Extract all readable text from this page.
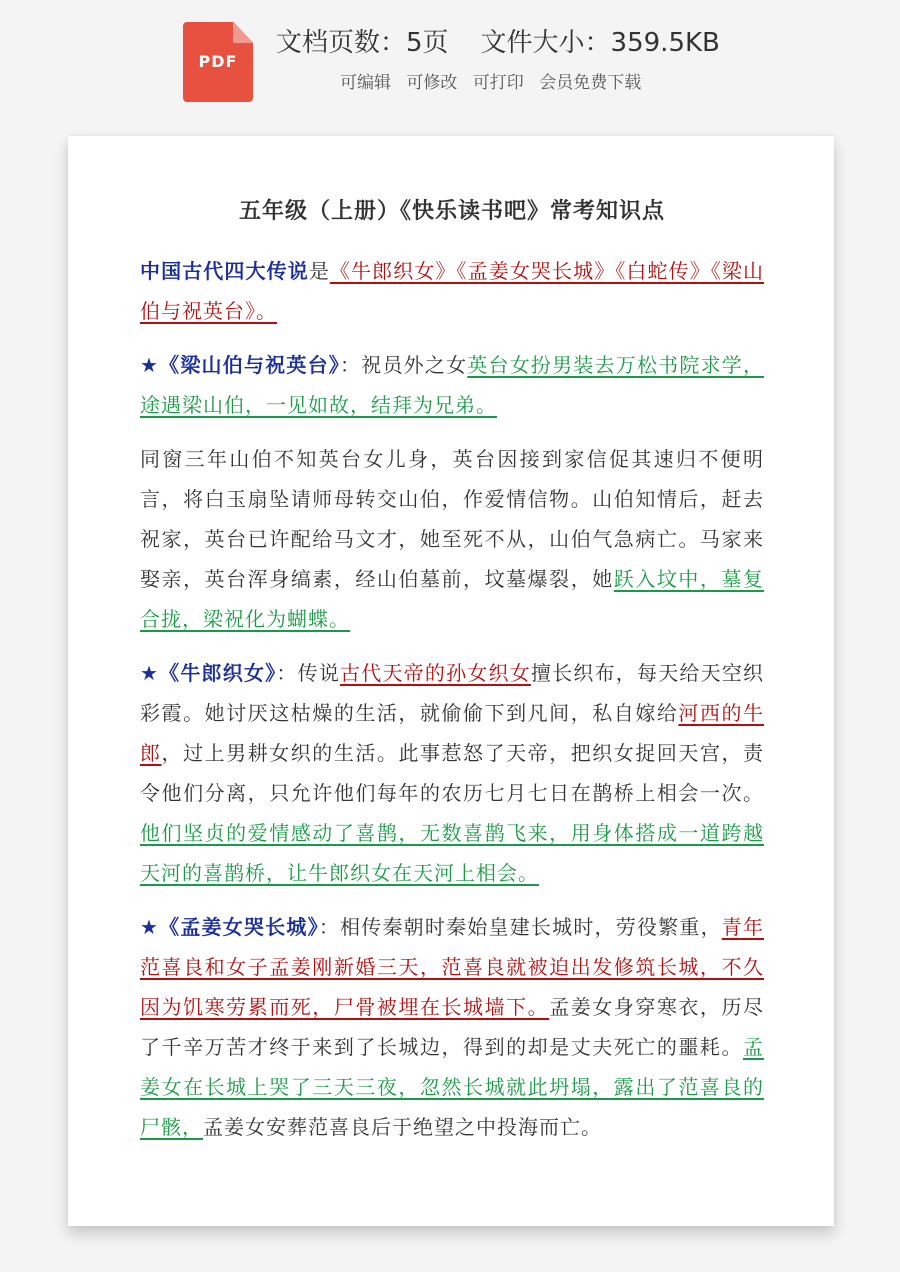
PDF
文档页数：5页 文件大小：359.5KB
可编辑 可修改 可打印 会员免费下载
五年级（上册）《快乐读书吧》常考知识点

中国古代四大传说是《牛郎织女》《孟姜女哭长城》《白蛇传》《梁山伯与祝英台》。

★《梁山伯与祝英台》：祝员外之女英台女扮男装去万松书院求学，途遇梁山伯，一见如故，结拜为兄弟。

同窗三年山伯不知英台女儿身，英台因接到家信促其速归不便明言，将白玉扇坠请师母转交山伯，作爱情信物。山伯知情后，赶去祝家，英台已许配给马文才，她至死不从，山伯气急病亡。马家来娶亲，英台浑身缟素，经山伯墓前，坟墓爆裂，她跃入坟中，墓复合拢，梁祝化为蝴蝶。

★《牛郎织女》：传说古代天帝的孙女织女擅长织布，每天给天空织彩霞。她讨厌这枯燥的生活，就偷偷下到凡间，私自嫁给河西的牛郎，过上男耕女织的生活。此事惹怒了天帝，把织女捉回天宫，责令他们分离，只允许他们每年的农历七月七日在鹊桥上相会一次。他们坚贞的爱情感动了喜鹊，无数喜鹊飞来，用身体搭成一道跨越天河的喜鹊桥，让牛郎织女在天河上相会。

★《孟姜女哭长城》：相传秦朝时秦始皇建长城时，劳役繁重，青年范喜良和女子孟姜刚新婚三天，范喜良就被迫出发修筑长城，不久因为饥寒劳累而死，尸骨被埋在长城墙下。孟姜女身穿寒衣，历尽了千辛万苦才终于来到了长城边，得到的却是丈夫死亡的噩耗。孟姜女在长城上哭了三天三夜，忽然长城就此坍塌，露出了范喜良的尸骸，孟姜女安葬范喜良后于绝望之中投海而亡。
